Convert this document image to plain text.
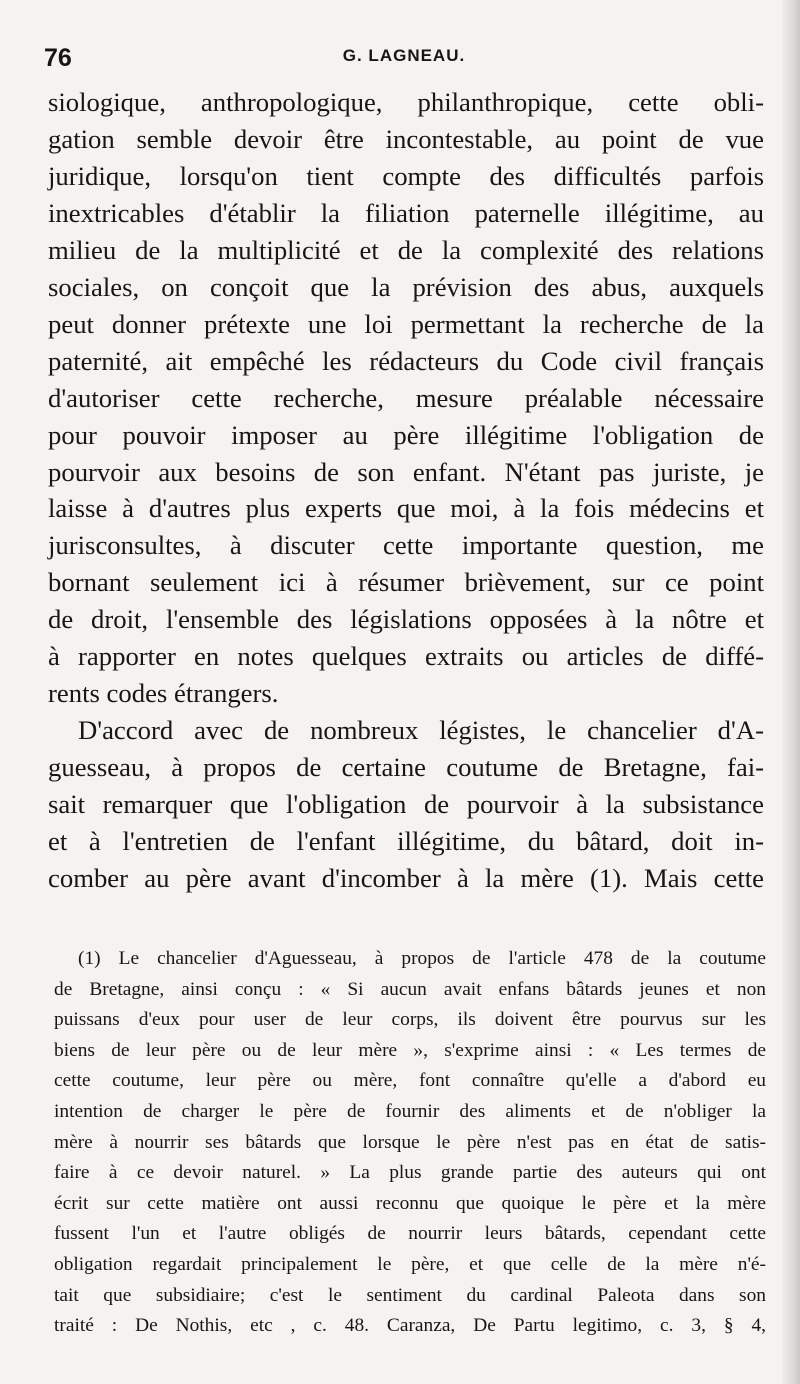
76	G. LAGNEAU.
siologique, anthropologique, philanthropique, cette obli-
gation semble devoir être incontestable, au point de vue
juridique, lorsqu'on tient compte des difficultés parfois
inextricables d'établir la filiation paternelle illégitime, au
milieu de la multiplicité et de la complexité des relations
sociales, on conçoit que la prévision des abus, auxquels
peut donner prétexte une loi permettant la recherche de la
paternité, ait empêché les rédacteurs du Code civil français
d'autoriser cette recherche, mesure préalable nécessaire
pour pouvoir imposer au père illégitime l'obligation de
pourvoir aux besoins de son enfant. N'étant pas juriste, je
laisse à d'autres plus experts que moi, à la fois médecins et
jurisconsultes, à discuter cette importante question, me
bornant seulement ici à résumer brièvement, sur ce point
de droit, l'ensemble des législations opposées à la nôtre et
à rapporter en notes quelques extraits ou articles de diffé-
rents codes étrangers.
D'accord avec de nombreux légistes, le chancelier d'A-
guesseau, à propos de certaine coutume de Bretagne, fai-
sait remarquer que l'obligation de pourvoir à la subsistance
et à l'entretien de l'enfant illégitime, du bâtard, doit in-
comber au père avant d'incomber à la mère (1). Mais cette
(1) Le chancelier d'Aguesseau, à propos de l'article 478 de la coutume
de Bretagne, ainsi conçu : « Si aucun avait enfans bâtards jeunes et non
puissans d'eux pour user de leur corps, ils doivent être pourvus sur les
biens de leur père ou de leur mère », s'exprime ainsi : « Les termes de
cette coutume, leur père ou mère, font connaître qu'elle a d'abord eu
intention de charger le père de fournir des aliments et de n'obliger la
mère à nourrir ses bâtards que lorsque le père n'est pas en état de satis-
faire à ce devoir naturel. » La plus grande partie des auteurs qui ont
écrit sur cette matière ont aussi reconnu que quoique le père et la mère
fussent l'un et l'autre obligés de nourrir leurs bâtards, cependant cette
obligation regardait principalement le père, et que celle de la mère n'é-
tait que subsidiaire; c'est le sentiment du cardinal Paleota dans son
traité : De Nothis, etc , c. 48. Caranza, De Partu legitimo, c. 3, § 4,
